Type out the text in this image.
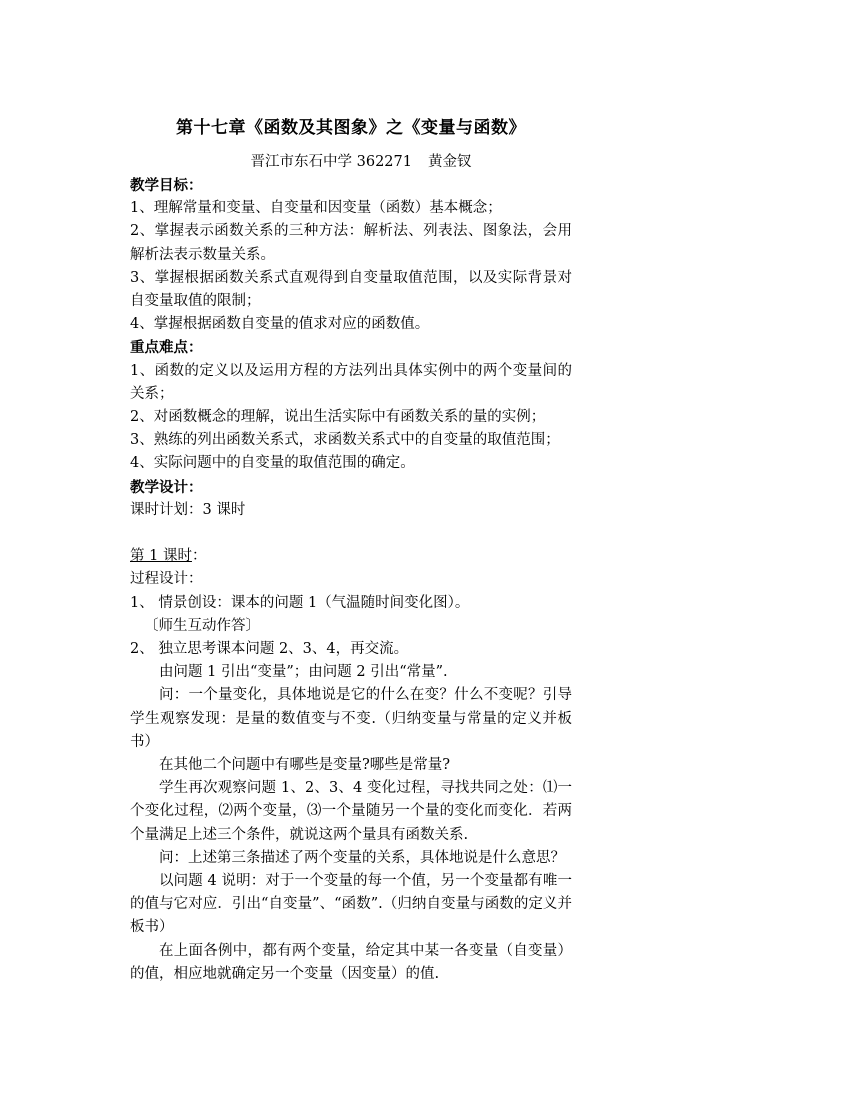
第十七章《函数及其图象》之《变量与函数》
晋江市东石中学 362271 黄金钗
教学目标：
1、理解常量和变量、自变量和因变量（函数）基本概念；
2、掌握表示函数关系的三种方法：解析法、列表法、图象法，会用解析法表示数量关系。
3、掌握根据函数关系式直观得到自变量取值范围，以及实际背景对自变量取值的限制；
4、掌握根据函数自变量的值求对应的函数值。
重点难点：
1、函数的定义以及运用方程的方法列出具体实例中的两个变量间的关系；
2、对函数概念的理解，说出生活实际中有函数关系的量的实例；
3、熟练的列出函数关系式，求函数关系式中的自变量的取值范围；
4、实际问题中的自变量的取值范围的确定。
教学设计：
课时计划：3 课时
第 1 课时：
过程设计：
1、 情景创设：课本的问题 1（气温随时间变化图）。
〔师生互动作答〕
2、 独立思考课本问题 2、3、4，再交流。
由问题 1 引出“变量”；由问题 2 引出“常量”.
问：一个量变化，具体地说是它的什么在变？什么不变呢？引导学生观察发现：是量的数值变与不变.（归纳变量与常量的定义并板书）
在其他二个问题中有哪些是变量?哪些是常量?
学生再次观察问题 1、2、3、4 变化过程，寻找共同之处：⑴一个变化过程，⑵两个变量，⑶一个量随另一个量的变化而变化．若两个量满足上述三个条件，就说这两个量具有函数关系.
问：上述第三条描述了两个变量的关系，具体地说是什么意思？
以问题 4 说明：对于一个变量的每一个值，另一个变量都有唯一的值与它对应．引出“自变量”、“函数”.（归纳自变量与函数的定义并板书）
在上面各例中，都有两个变量，给定其中某一各变量（自变量）的值，相应地就确定另一个变量（因变量）的值.
